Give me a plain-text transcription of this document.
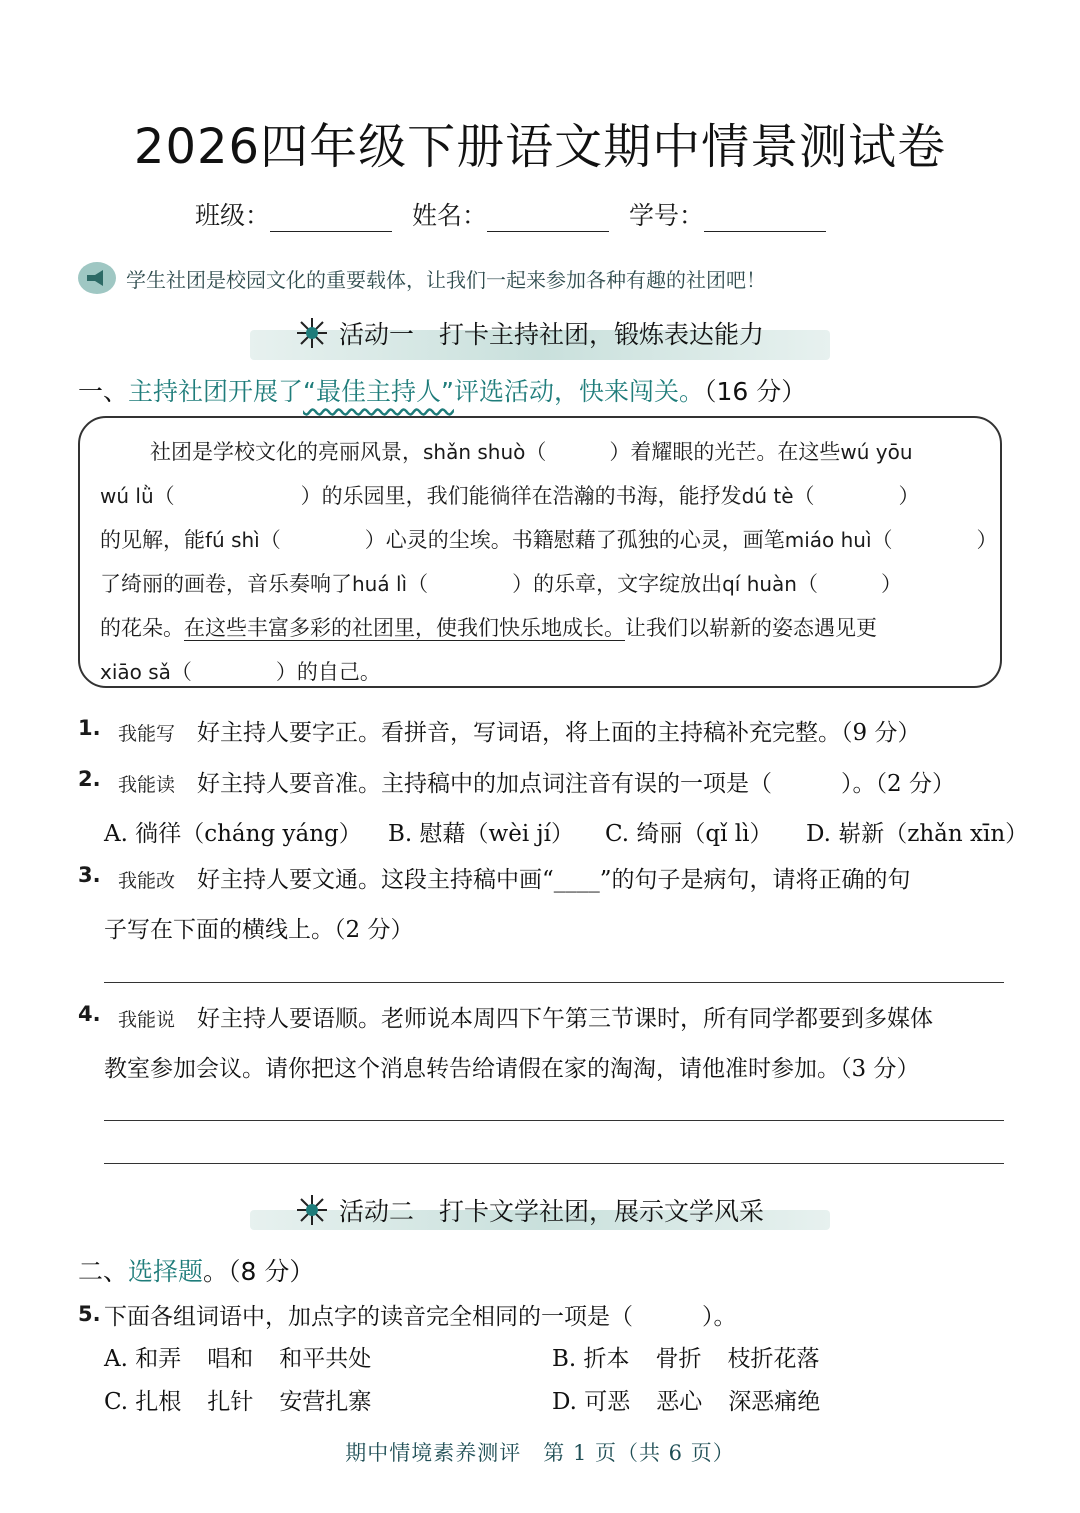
2026四年级下册语文期中情景测试卷
班级：	姓名：	学号：
学生社团是校园文化的重要载体，让我们一起来参加各种有趣的社团吧！
活动一　打卡主持社团，锻炼表达能力
一、主持社团开展了“最佳主持人”评选活动，快来闯关。（16 分）
社团是学校文化的亮丽风景，shǎn shuò（　　　）着耀眼的光芒。在这些wú yōu
wú lǜ（　　　　　　）的乐园里，我们能徜徉在浩瀚的书海，能抒发dú tè（　　　　）
的见解，能fú shì（　　　　）心灵的尘埃。书籍慰藉了孤独的心灵，画笔miáo huì（　　　　）
了绮丽的画卷，音乐奏响了huá lì（　　　　）的乐章，文字绽放出qí huàn（　　　）
的花朵。在这些丰富多彩的社团里，使我们快乐地成长。让我们以崭新的姿态遇见更
xiāo sǎ（　　　　）的自己。
1. 我能写 好主持人要字正。看拼音，写词语，将上面的主持稿补充完整。（9 分）
2. 我能读 好主持人要音准。主持稿中的加点词注音有误的一项是（　　　）。（2 分）
A. 徜徉（cháng yáng） B. 慰藉（wèi jí） C. 绮丽（qǐ lì） D. 崭新（zhǎn xīn）
3. 我能改 好主持人要文通。这段主持稿中画“____”的句子是病句，请将正确的句
子写在下面的横线上。（2 分）
4. 我能说 好主持人要语顺。老师说本周四下午第三节课时，所有同学都要到多媒体
教室参加会议。请你把这个消息转告给请假在家的淘淘，请他准时参加。（3 分）
活动二　打卡文学社团，展示文学风采
二、选择题。（8 分）
5. 下面各组词语中，加点字的读音完全相同的一项是（　　　）。
A. 和弄 唱和 和平共处	B. 折本 骨折 枝折花落
C. 扎根 扎针 安营扎寨	D. 可恶 恶心 深恶痛绝
期中情境素养测评　第 1 页（共 6 页）
